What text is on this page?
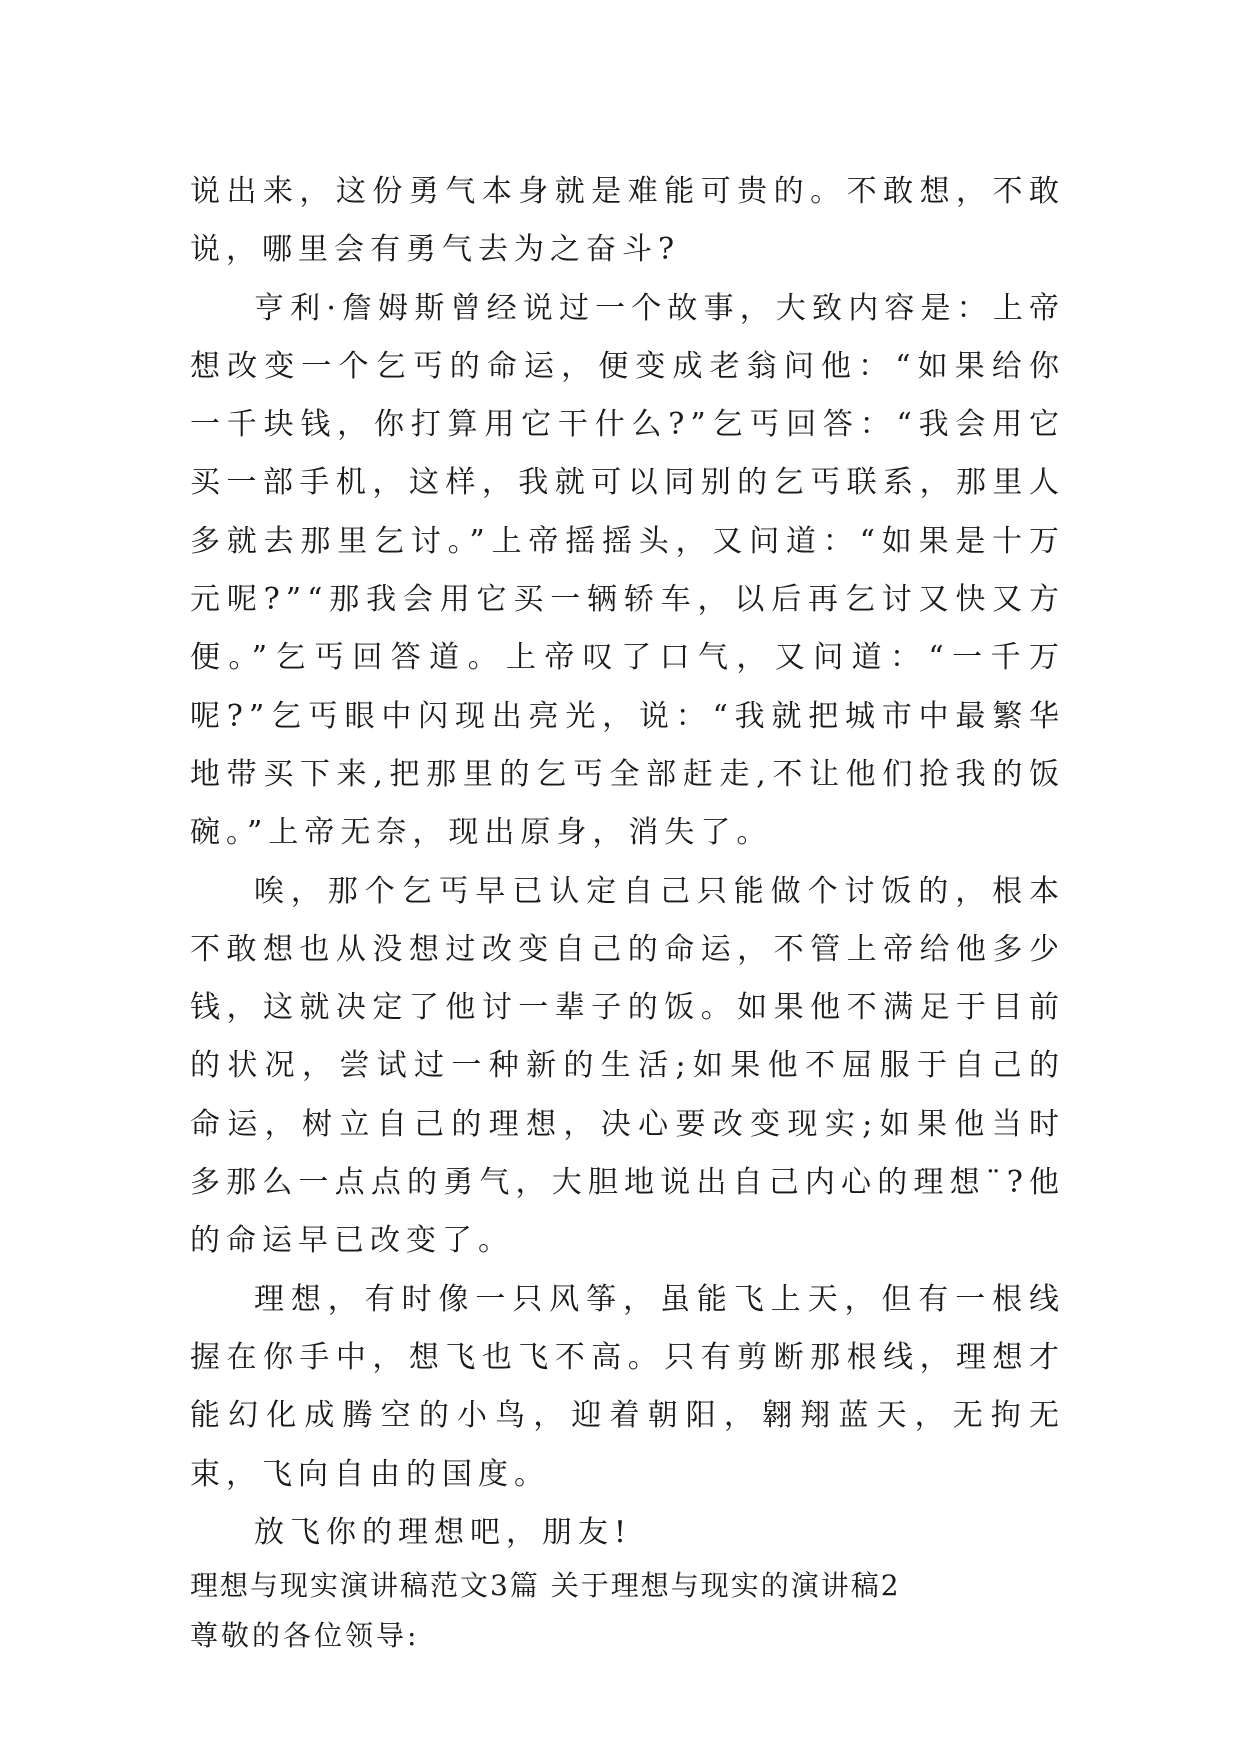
说出来，这份勇气本身就是难能可贵的。不敢想，不敢说，哪里会有勇气去为之奋斗?

亨利·詹姆斯曾经说过一个故事，大致内容是：上帝想改变一个乞丐的命运，便变成老翁问他：“如果给你一千块钱，你打算用它干什么?”乞丐回答：“我会用它买一部手机，这样，我就可以同别的乞丐联系，那里人多就去那里乞讨。”上帝摇摇头，又问道：“如果是十万元呢?”“那我会用它买一辆轿车，以后再乞讨又快又方便。”乞丐回答道。上帝叹了口气，又问道：“一千万呢?”乞丐眼中闪现出亮光，说：“我就把城市中最繁华地带买下来,把那里的乞丐全部赶走,不让他们抢我的饭碗。”上帝无奈，现出原身，消失了。

唉，那个乞丐早已认定自己只能做个讨饭的，根本不敢想也从没想过改变自己的命运，不管上帝给他多少钱，这就决定了他讨一辈子的饭。如果他不满足于目前的状况，尝试过一种新的生活;如果他不屈服于自己的命运，树立自己的理想，决心要改变现实;如果他当时多那么一点点的勇气，大胆地说出自己内心的理想¨?他的命运早已改变了。

理想，有时像一只风筝，虽能飞上天，但有一根线握在你手中，想飞也飞不高。只有剪断那根线，理想才能幻化成腾空的小鸟，迎着朝阳，翱翔蓝天，无拘无束，飞向自由的国度。

放飞你的理想吧，朋友!

理想与现实演讲稿范文3篇 关于理想与现实的演讲稿2

尊敬的各位领导:
